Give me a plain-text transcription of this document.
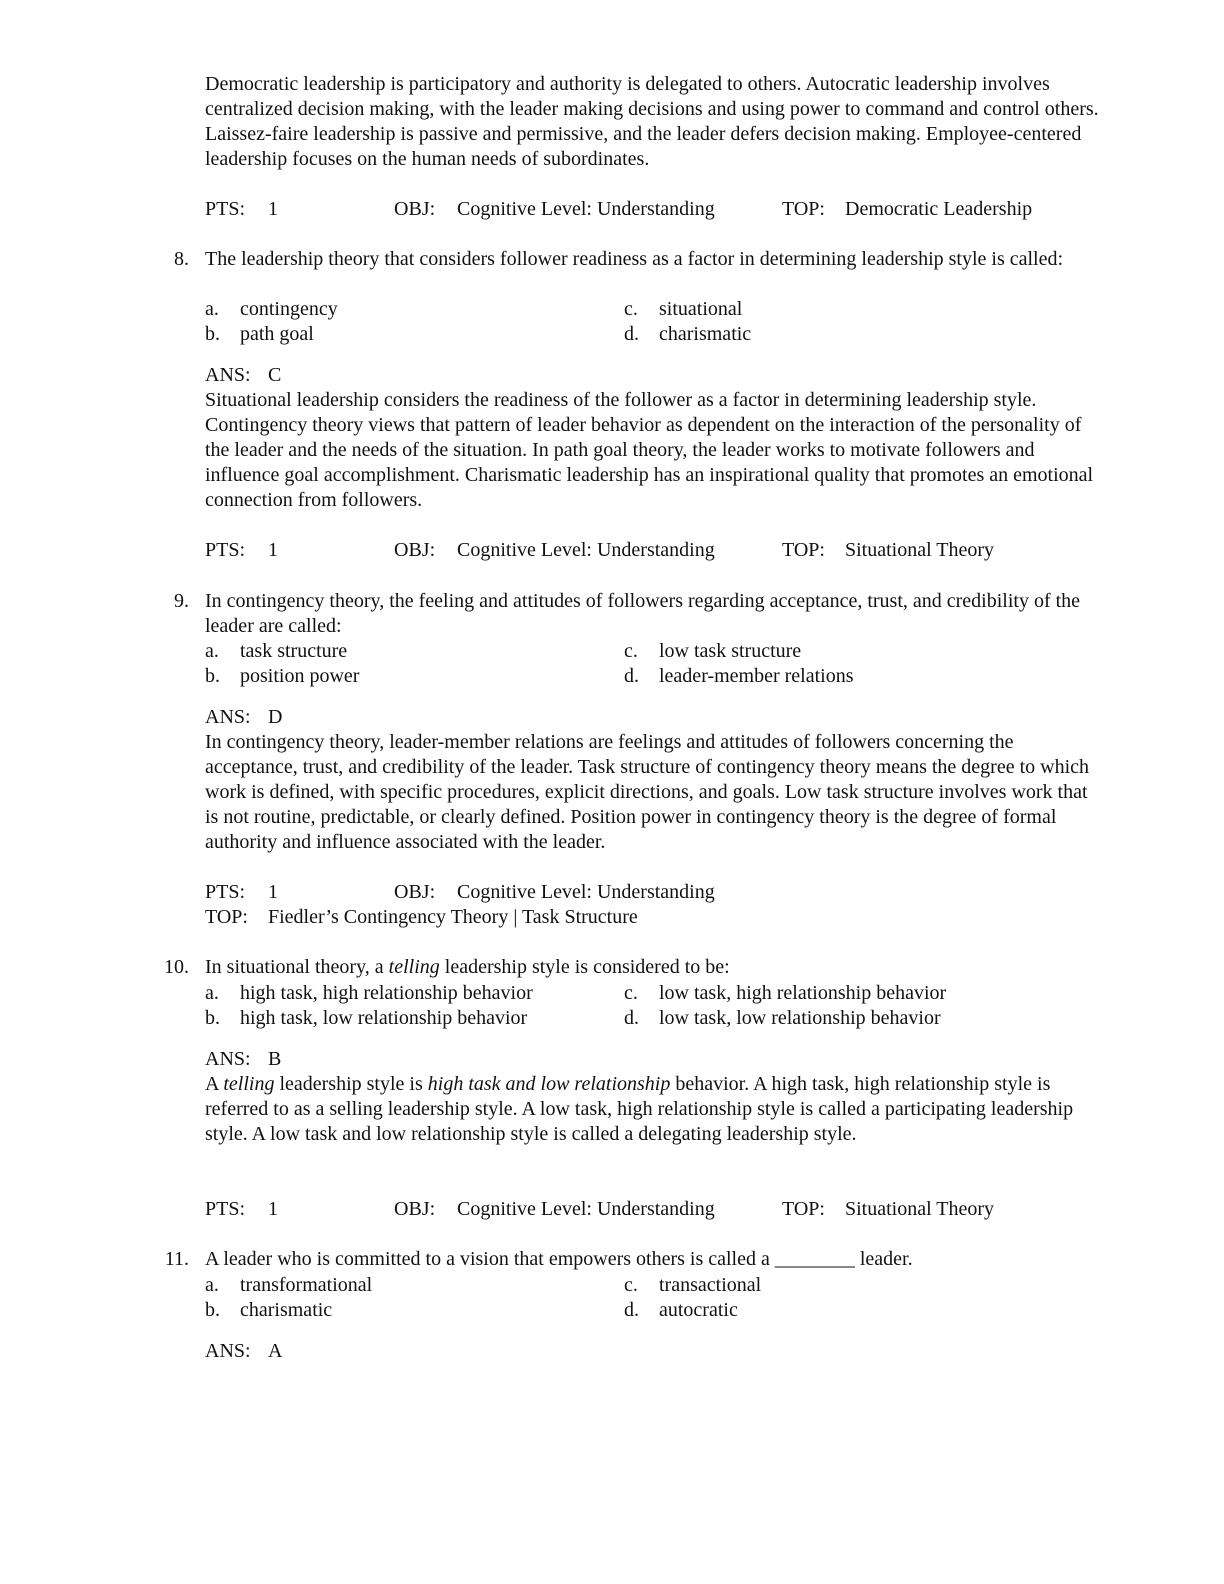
Democratic leadership is participatory and authority is delegated to others. Autocratic leadership involves centralized decision making, with the leader making decisions and using power to command and control others. Laissez-faire leadership is passive and permissive, and the leader defers decision making. Employee-centered leadership focuses on the human needs of subordinates.

PTS: 1	OBJ: Cognitive Level: Understanding	TOP: Democratic Leadership
8. The leadership theory that considers follower readiness as a factor in determining leadership style is called:

a. contingency
b. path goal
c. situational
d. charismatic
ANS: C

Situational leadership considers the readiness of the follower as a factor in determining leadership style. Contingency theory views that pattern of leader behavior as dependent on the interaction of the personality of the leader and the needs of the situation. In path goal theory, the leader works to motivate followers and influence goal accomplishment. Charismatic leadership has an inspirational quality that promotes an emotional connection from followers.

PTS: 1	OBJ: Cognitive Level: Understanding	TOP: Situational Theory
9. In contingency theory, the feeling and attitudes of followers regarding acceptance, trust, and credibility of the leader are called:

a. task structure
b. position power
c. low task structure
d. leader-member relations
ANS: D

In contingency theory, leader-member relations are feelings and attitudes of followers concerning the acceptance, trust, and credibility of the leader. Task structure of contingency theory means the degree to which work is defined, with specific procedures, explicit directions, and goals. Low task structure involves work that is not routine, predictable, or clearly defined. Position power in contingency theory is the degree of formal authority and influence associated with the leader.

PTS: 1	OBJ: Cognitive Level: Understanding
TOP: Fiedler’s Contingency Theory | Task Structure
10. In situational theory, a telling leadership style is considered to be:

a. high task, high relationship behavior
b. high task, low relationship behavior
c. low task, high relationship behavior
d. low task, low relationship behavior
ANS: B

A telling leadership style is high task and low relationship behavior. A high task, high relationship style is referred to as a selling leadership style. A low task, high relationship style is called a participating leadership style. A low task and low relationship style is called a delegating leadership style.

PTS: 1	OBJ: Cognitive Level: Understanding	TOP: Situational Theory
11. A leader who is committed to a vision that empowers others is called a ________ leader.

a. transformational
b. charismatic
c. transactional
d. autocratic
ANS: A
